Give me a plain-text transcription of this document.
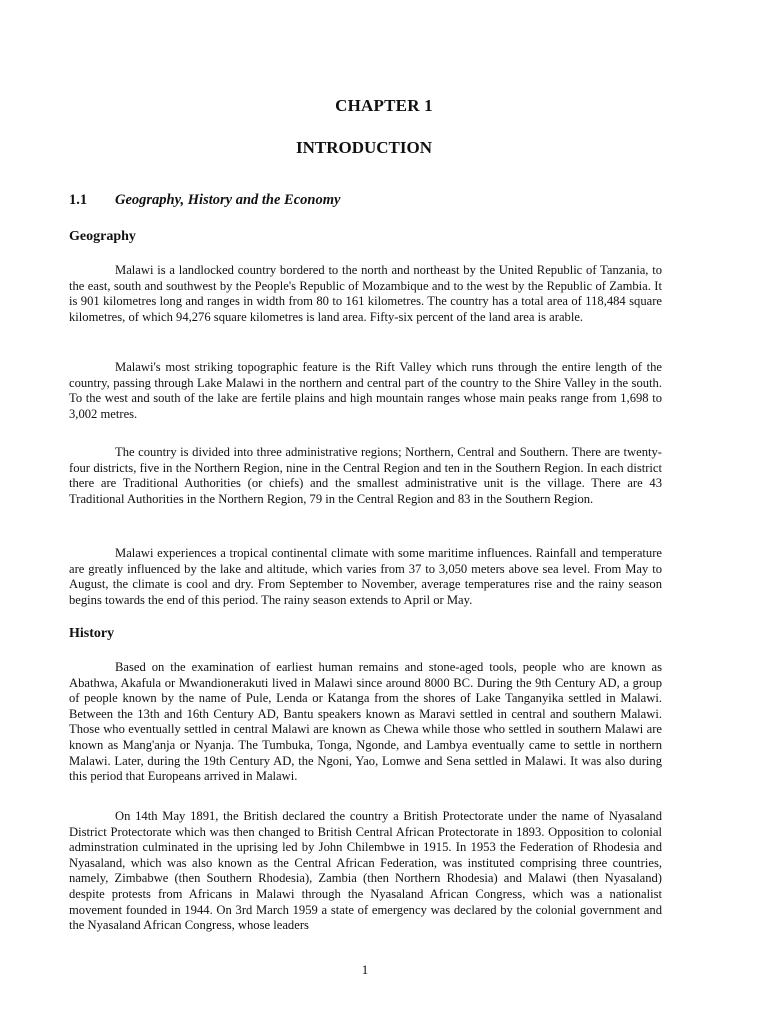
CHAPTER 1
INTRODUCTION
1.1 Geography, History and the Economy
Geography

Malawi is a landlocked country bordered to the north and northeast by the United Republic of Tanzania, to the east, south and southwest by the People's Republic of Mozambique and to the west by the Republic of Zambia. It is 901 kilometres long and ranges in width from 80 to 161 kilometres. The country has a total area of 118,484 square kilometres, of which 94,276 square kilometres is land area. Fifty-six percent of the land area is arable.

Malawi's most striking topographic feature is the Rift Valley which runs through the entire length of the country, passing through Lake Malawi in the northern and central part of the country to the Shire Valley in the south. To the west and south of the lake are fertile plains and high mountain ranges whose main peaks range from 1,698 to 3,002 metres.

The country is divided into three administrative regions; Northern, Central and Southern. There are twenty-four districts, five in the Northern Region, nine in the Central Region and ten in the Southern Region. In each district there are Traditional Authorities (or chiefs) and the smallest administrative unit is the village. There are 43 Traditional Authorities in the Northern Region, 79 in the Central Region and 83 in the Southern Region.

Malawi experiences a tropical continental climate with some maritime influences. Rainfall and temperature are greatly influenced by the lake and altitude, which varies from 37 to 3,050 meters above sea level. From May to August, the climate is cool and dry. From September to November, average temperatures rise and the rainy season begins towards the end of this period. The rainy season extends to April or May.

History

Based on the examination of earliest human remains and stone-aged tools, people who are known as Abathwa, Akafula or Mwandionerakuti lived in Malawi since around 8000 BC. During the 9th Century AD, a group of people known by the name of Pule, Lenda or Katanga from the shores of Lake Tanganyika settled in Malawi. Between the 13th and 16th Century AD, Bantu speakers known as Maravi settled in central and southern Malawi. Those who eventually settled in central Malawi are known as Chewa while those who settled in southern Malawi are known as Mang'anja or Nyanja. The Tumbuka, Tonga, Ngonde, and Lambya eventually came to settle in northern Malawi. Later, during the 19th Century AD, the Ngoni, Yao, Lomwe and Sena settled in Malawi. It was also during this period that Europeans arrived in Malawi.

On 14th May 1891, the British declared the country a British Protectorate under the name of Nyasaland District Protectorate which was then changed to British Central African Protectorate in 1893. Opposition to colonial adminstration culminated in the uprising led by John Chilembwe in 1915. In 1953 the Federation of Rhodesia and Nyasaland, which was also known as the Central African Federation, was instituted comprising three countries, namely, Zimbabwe (then Southern Rhodesia), Zambia (then Northern Rhodesia) and Malawi (then Nyasaland) despite protests from Africans in Malawi through the Nyasaland African Congress, which was a nationalist movement founded in 1944. On 3rd March 1959 a state of emergency was declared by the colonial government and the Nyasaland African Congress, whose leaders

1
